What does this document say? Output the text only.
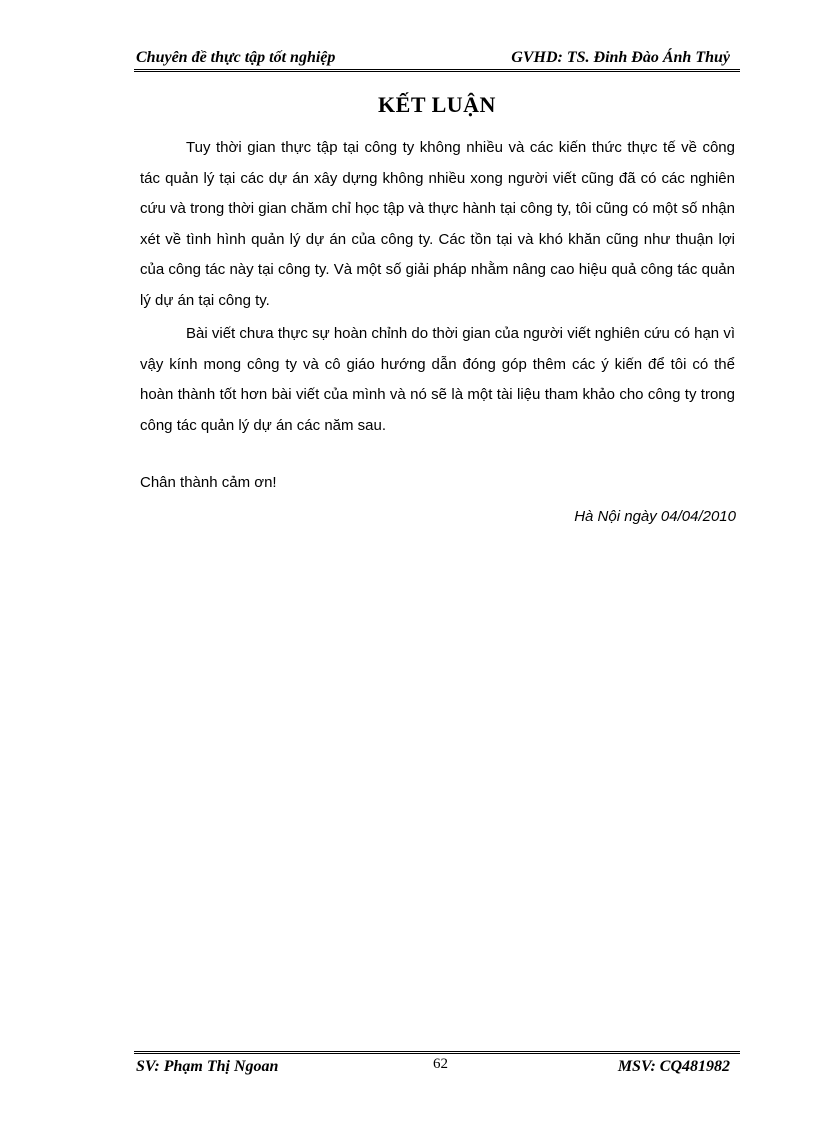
Chuyên đề thực tập tốt nghiệp	GVHD: TS. Đinh Đào Ánh Thuỷ
KẾT LUẬN

Tuy thời gian thực tập tại công ty không nhiều và các kiến thức thực tế về công tác quản lý tại các dự án xây dựng không nhiều xong người viết cũng đã có các nghiên cứu và trong thời gian chăm chỉ học tập và thực hành tại công ty, tôi cũng có một số nhận xét về tình hình quản lý dự án của công ty. Các tồn tại và khó khăn cũng như thuận lợi của công tác này tại công ty. Và một số giải pháp nhằm nâng cao hiệu quả công tác quản lý dự án tại công ty.

Bài viết chưa thực sự hoàn chỉnh do thời gian của người viết nghiên cứu có hạn vì vậy kính mong công ty và cô giáo hướng dẫn đóng góp thêm các ý kiến để tôi có thể hoàn thành tốt hơn bài viết của mình và nó sẽ là một tài liệu tham khảo cho công ty trong công tác quản lý dự án các năm sau.

Chân thành cảm ơn!
Hà Nội ngày 04/04/2010
SV: Phạm Thị Ngoan	62	MSV: CQ481982
